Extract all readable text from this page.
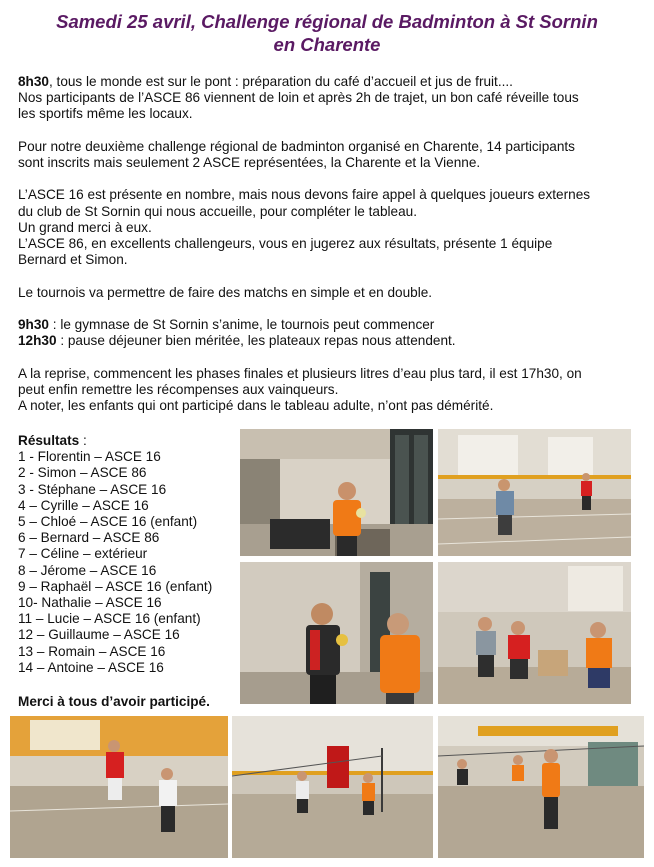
Samedi 25 avril, Challenge régional de Badminton à St Sornin
en Charente

8h30, tous le monde est sur le pont : préparation du café d’accueil et jus de fruit....
Nos participants de l’ASCE 86 viennent de loin et après 2h de trajet, un bon café réveille tous
les sportifs même les locaux.

Pour notre deuxième challenge régional de badminton organisé en Charente, 14 participants
sont inscrits mais seulement 2 ASCE représentées, la Charente et la Vienne.

L’ASCE 16 est présente en nombre, mais nous devons faire appel à quelques joueurs externes
du club de St Sornin qui nous accueille, pour compléter le tableau.
Un grand merci à eux.
L’ASCE 86, en excellents challengeurs, vous en jugerez aux résultats, présente 1 équipe
Bernard et Simon.

Le tournois va permettre de faire des matchs en simple et en double.

9h30 : le gymnase de St Sornin s’anime, le tournois peut commencer
12h30 : pause déjeuner bien méritée, les plateaux repas nous attendent.

A la reprise, commencent les phases finales et plusieurs litres d’eau plus tard, il est 17h30, on
peut enfin remettre les récompenses aux vainqueurs.
A noter, les enfants qui ont participé dans le tableau adulte, n’ont pas démérité.

Résultats :
1 - Florentin – ASCE 16
2 - Simon – ASCE 86
3 - Stéphane – ASCE 16
4 – Cyrille – ASCE 16
5 – Chloé – ASCE 16 (enfant)
6 – Bernard – ASCE 86
7 – Céline – extérieur
8 – Jérome – ASCE 16
9 – Raphaël – ASCE 16 (enfant)
10- Nathalie – ASCE 16
11 – Lucie – ASCE 16 (enfant)
12 – Guillaume – ASCE 16
13 – Romain – ASCE 16
14 – Antoine – ASCE 16
Merci à tous d’avoir participé.
